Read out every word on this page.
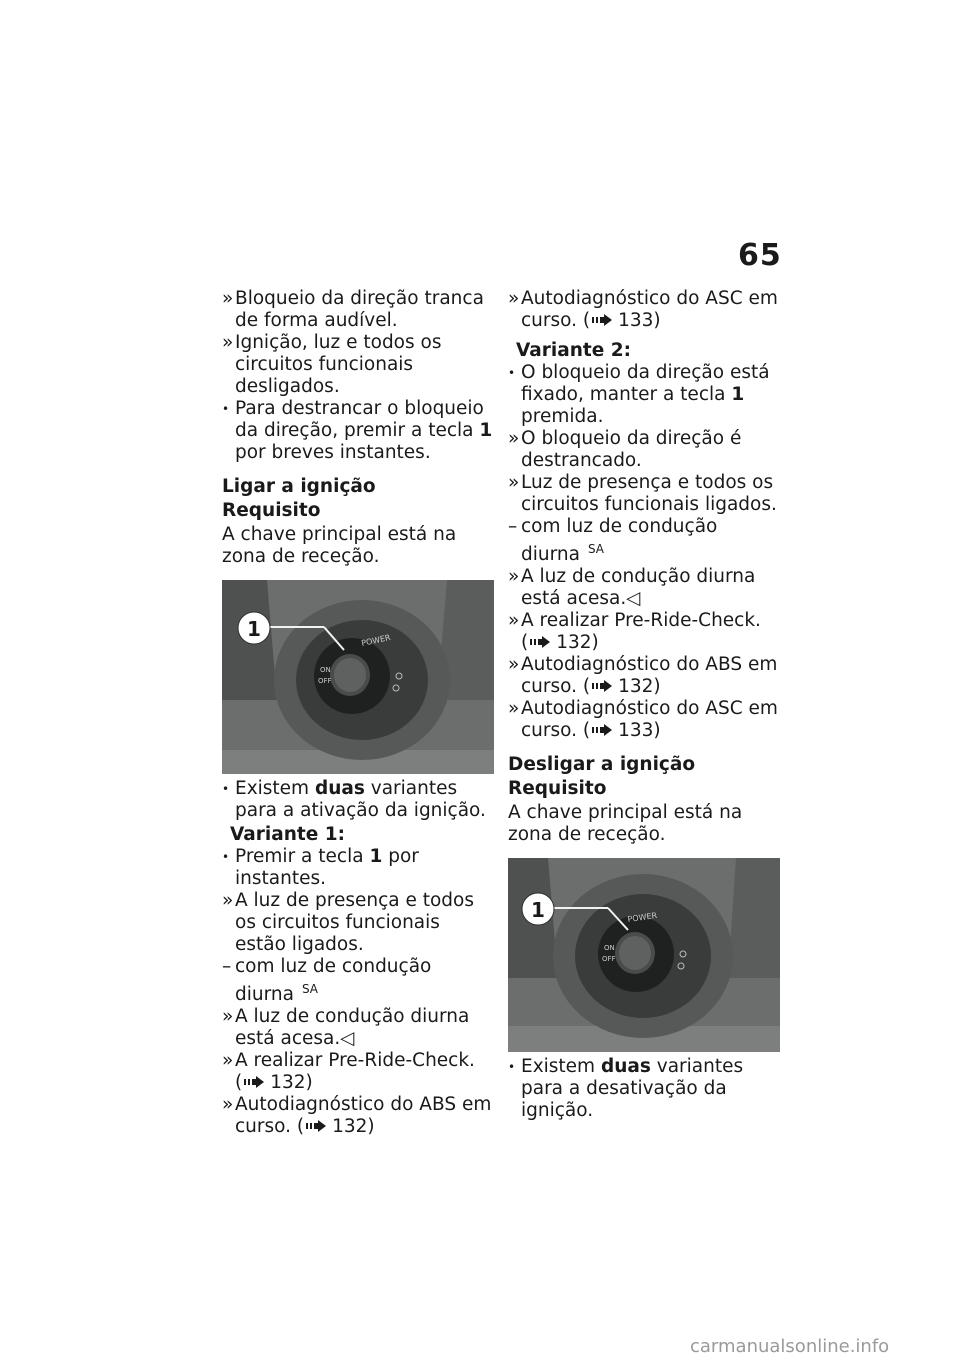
65
» Bloqueio da direção tranca de forma audível.
» Ignição, luz e todos os circuitos funcionais desligados.
• Para destrancar o bloqueio da direção, premir a tecla 1 por breves instantes.
Ligar a ignição
Requisito
A chave principal está na zona de receção.
POWER
ON
OFF
1
• Existem duas variantes para a ativação da ignição.
Variante 1:
• Premir a tecla 1 por instantes.
» A luz de presença e todos os circuitos funcionais estão ligados.
– com luz de condução diurna $^{SA}$
» A luz de condução diurna está acesa.◁
» A realizar Pre-Ride-Check.
( 132)
» Autodiagnóstico do ABS em curso. ( 132)
» Autodiagnóstico do ASC em curso. ( 133)
Variante 2:
• O bloqueio da direção está fixado, manter a tecla 1 premida.
» O bloqueio da direção é destrancado.
» Luz de presença e todos os circuitos funcionais ligados.
– com luz de condução diurna $^{SA}$
» A luz de condução diurna está acesa.◁
» A realizar Pre-Ride-Check.
( 132)
» Autodiagnóstico do ABS em curso. ( 132)
» Autodiagnóstico do ASC em curso. ( 133)
Desligar a ignição
Requisito
A chave principal está na zona de receção.
POWER
ON
OFF
1
• Existem duas variantes para a desativação da ignição.
carmanualsonline.info
